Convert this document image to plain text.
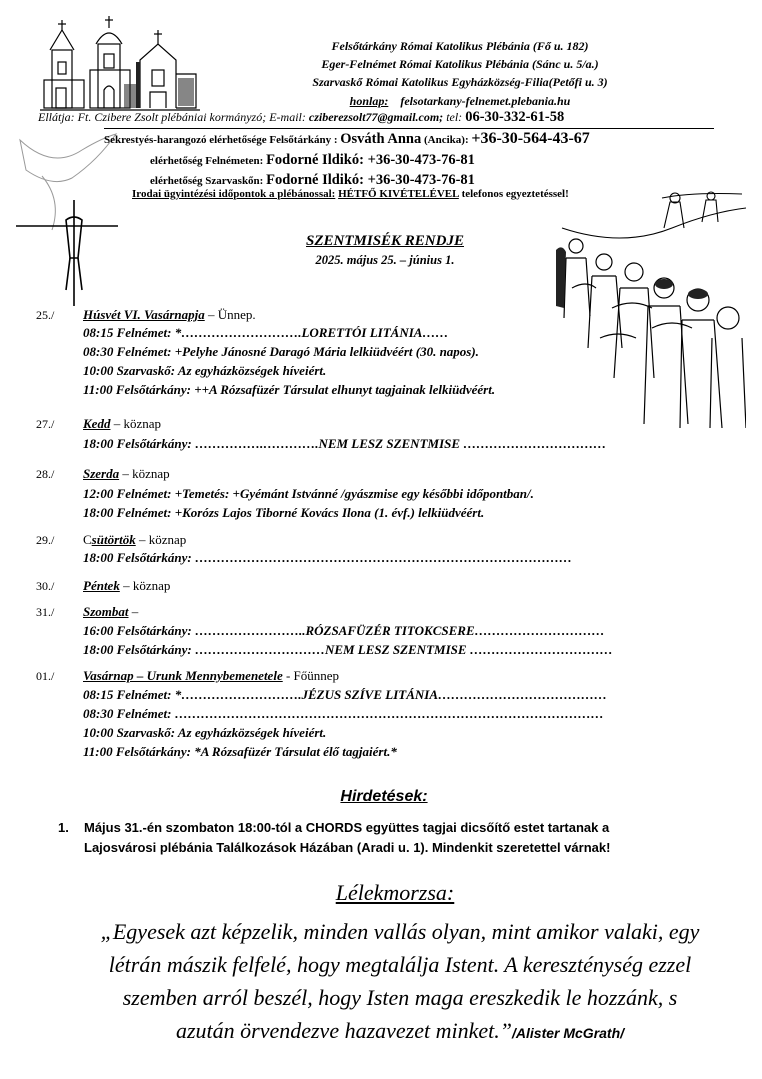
Felsőtárkány Római Katolikus Plébánia (Fő u. 182)
Eger-Felnémet Római Katolikus Plébánia (Sánc u. 5/a.)
Szarvaskő Római Katolikus Egyházközség-Filia(Petőfi u. 3)
honlap: felsotarkany-felnemet.plebania.hu
Ellátja: Ft. Czibere Zsolt plébániai kormányzó; E-mail: cziberezsolt77@gmail.com; tel: 06-30-332-61-58
Sekrestyés-harangozó elérhetősége Felsőtárkány : Osváth Anna (Ancika): +36-30-564-43-67
elérhetőség Felnémeten: Fodorné Ildikó: +36-30-473-76-81
elérhetőség Szarvaskőn: Fodorné Ildikó: +36-30-473-76-81
Irodai ügyintézési időpontok a plébánossal: HÉTFŐ KIVÉTELÉVEL telefonos egyeztetéssel!
SZENTMISÉK RENDJE
2025. május 25. – június 1.
25./ Húsvét VI. Vasárnapja – Ünnep.
08:15 Felnémet: *……………………….LORETTÓI LITÁNIA……
08:30 Felnémet: +Pelyhe Jánosné Daragó Mária lelkiüdvéért (30. napos).
10:00 Szarvaskő: Az egyházközségek híveiért.
11:00 Felsőtárkány: ++A Rózsafüzér Társulat elhunyt tagjainak lelkiüdvéért.
27./ Kedd – köznap
18:00 Felsőtárkány: …………….………….NEM LESZ SZENTMISE ……………………………
28./ Szerda – köznap
12:00 Felnémet: +Temetés: +Gyémánt Istvánné /gyászmise egy későbbi időpontban/.
18:00 Felnémet: +Korózs Lajos Tiborné Kovács Ilona (1. évf.) lelkiüdvéért.
29./ Csütörtök – köznap
18:00 Felsőtárkány: ……………………………………………………………………………
30./ Péntek – köznap
31./ Szombat –
16:00 Felsőtárkány: ……………………..RÓZSAFÜZÉR TITOKCSERE…………………………
18:00 Felsőtárkány: …………………………NEM LESZ SZENTMISE ……………………………
01./ Vasárnap – Urunk Mennybemenetele - Főünnep
08:15 Felnémet: *……………………….JÉZUS SZÍVE LITÁNIA…………………………………
08:30 Felnémet: ………………………………………………………………………………………
10:00 Szarvaskő: Az egyházközségek híveiért.
11:00 Felsőtárkány: *A Rózsafüzér Társulat élő tagjaiért.*
Hirdetések:
1. Május 31.-én szombaton 18:00-tól a CHORDS együttes tagjai dicsőítő estet tartanak a
Lajosvárosi plébánia Találkozások Házában (Aradi u. 1). Mindenkit szeretettel várnak!
Lélekmorzsa:
„Egyesek azt képzelik, minden vallás olyan, mint amikor valaki, egy
létrán mászik felfelé, hogy megtalálja Istent. A kereszténység ezzel
szemben arról beszél, hogy Isten maga ereszkedik le hozzánk, s
azután örvendezve hazavezet minket.”/Alister McGrath/
